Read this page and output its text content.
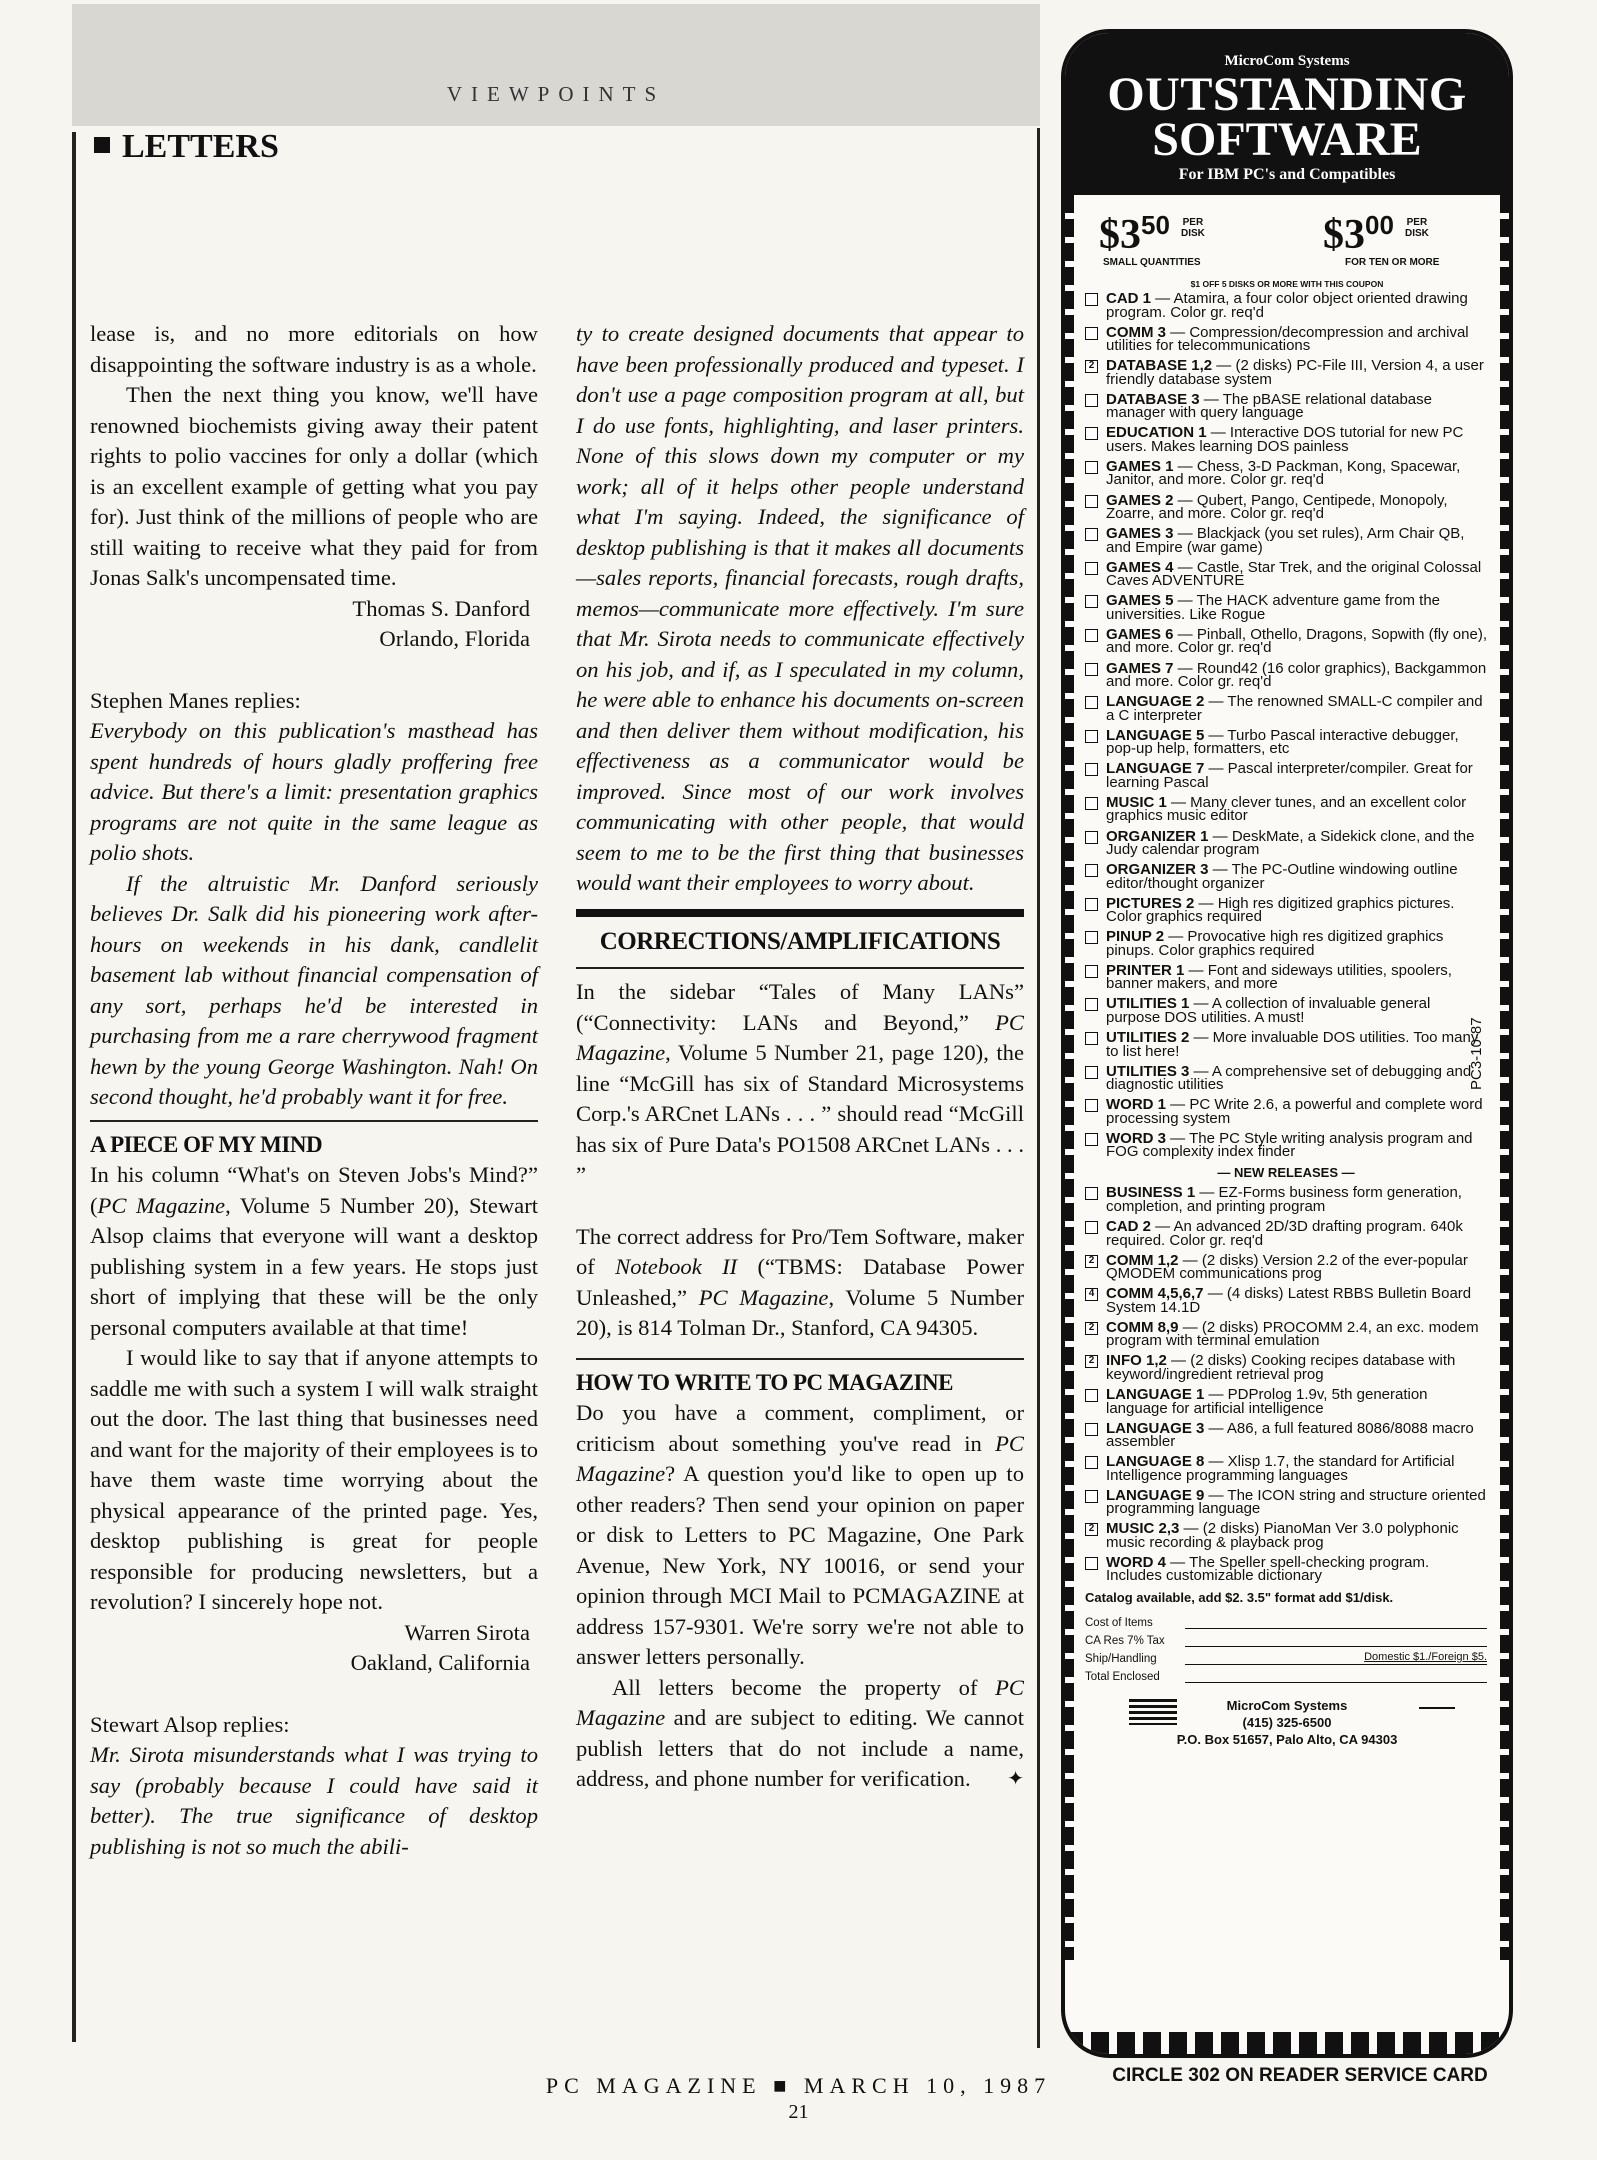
VIEWPOINTS
LETTERS

lease is, and no more editorials on how disappointing the software industry is as a whole.

Then the next thing you know, we'll have renowned biochemists giving away their patent rights to polio vaccines for only a dollar (which is an excellent example of getting what you pay for). Just think of the millions of people who are still waiting to receive what they paid for from Jonas Salk's uncompensated time.

Thomas S. Danford

Orlando, Florida

Stephen Manes replies:

Everybody on this publication's masthead has spent hundreds of hours gladly proffering free advice. But there's a limit: presentation graphics programs are not quite in the same league as polio shots.

If the altruistic Mr. Danford seriously believes Dr. Salk did his pioneering work after-hours on weekends in his dank, candlelit basement lab without financial compensation of any sort, perhaps he'd be interested in purchasing from me a rare cherrywood fragment hewn by the young George Washington. Nah! On second thought, he'd probably want it for free.

A PIECE OF MY MIND

In his column “What's on Steven Jobs's Mind?” (PC Magazine, Volume 5 Number 20), Stewart Alsop claims that everyone will want a desktop publishing system in a few years. He stops just short of implying that these will be the only personal computers available at that time!

I would like to say that if anyone attempts to saddle me with such a system I will walk straight out the door. The last thing that businesses need and want for the majority of their employees is to have them waste time worrying about the physical appearance of the printed page. Yes, desktop publishing is great for people responsible for producing newsletters, but a revolution? I sincerely hope not.

Warren Sirota

Oakland, California

Stewart Alsop replies:

Mr. Sirota misunderstands what I was trying to say (probably because I could have said it better). The true significance of desktop publishing is not so much the abili-

ty to create designed documents that appear to have been professionally produced and typeset. I don't use a page composition program at all, but I do use fonts, highlighting, and laser printers. None of this slows down my computer or my work; all of it helps other people understand what I'm saying. Indeed, the significance of desktop publishing is that it makes all documents—sales reports, financial forecasts, rough drafts, memos—communicate more effectively. I'm sure that Mr. Sirota needs to communicate effectively on his job, and if, as I speculated in my column, he were able to enhance his documents on-screen and then deliver them without modification, his effectiveness as a communicator would be improved. Since most of our work involves communicating with other people, that would seem to me to be the first thing that businesses would want their employees to worry about.

CORRECTIONS/AMPLIFICATIONS

In the sidebar “Tales of Many LANs” (“Connectivity: LANs and Beyond,” PC Magazine, Volume 5 Number 21, page 120), the line “McGill has six of Standard Microsystems Corp.'s ARCnet LANs . . . ” should read “McGill has six of Pure Data's PO1508 ARCnet LANs . . . ”

The correct address for Pro/Tem Software, maker of Notebook II (“TBMS: Database Power Unleashed,” PC Magazine, Volume 5 Number 20), is 814 Tolman Dr., Stanford, CA 94305.

HOW TO WRITE TO PC MAGAZINE

Do you have a comment, compliment, or criticism about something you've read in PC Magazine? A question you'd like to open up to other readers? Then send your opinion on paper or disk to Letters to PC Magazine, One Park Avenue, New York, NY 10016, or send your opinion through MCI Mail to PCMAGAZINE at address 157-9301. We're sorry we're not able to answer letters personally.

All letters become the property of PC Magazine and are subject to editing. We cannot publish letters that do not include a name, address, and phone number for verification.	✦

MicroCom Systems
OUTSTANDING
SOFTWARE
For IBM PC's and Compatibles
$350 PER DISK
SMALL QUANTITIES
$300 PER DISK
FOR TEN OR MORE
$1 OFF 5 DISKS OR MORE WITH THIS COUPON
CAD 1 — Atamira, a four color object oriented drawing program. Color gr. req'd
COMM 3 — Compression/decompression and archival utilities for telecommunications
2 DATABASE 1,2 — (2 disks) PC-File III, Version 4, a user friendly database system
DATABASE 3 — The pBASE relational database manager with query language
EDUCATION 1 — Interactive DOS tutorial for new PC users. Makes learning DOS painless
GAMES 1 — Chess, 3-D Packman, Kong, Spacewar, Janitor, and more. Color gr. req'd
GAMES 2 — Qubert, Pango, Centipede, Monopoly, Zoarre, and more. Color gr. req'd
GAMES 3 — Blackjack (you set rules), Arm Chair QB, and Empire (war game)
GAMES 4 — Castle, Star Trek, and the original Colossal Caves ADVENTURE
GAMES 5 — The HACK adventure game from the universities. Like Rogue
GAMES 6 — Pinball, Othello, Dragons, Sopwith (fly one), and more. Color gr. req'd
GAMES 7 — Round42 (16 color graphics), Backgammon and more. Color gr. req'd
LANGUAGE 2 — The renowned SMALL-C compiler and a C interpreter
LANGUAGE 5 — Turbo Pascal interactive debugger, pop-up help, formatters, etc
LANGUAGE 7 — Pascal interpreter/compiler. Great for learning Pascal
MUSIC 1 — Many clever tunes, and an excellent color graphics music editor
ORGANIZER 1 — DeskMate, a Sidekick clone, and the Judy calendar program
ORGANIZER 3 — The PC-Outline windowing outline editor/thought organizer
PICTURES 2 — High res digitized graphics pictures. Color graphics required
PINUP 2 — Provocative high res digitized graphics pinups. Color graphics required
PRINTER 1 — Font and sideways utilities, spoolers, banner makers, and more
UTILITIES 1 — A collection of invaluable general purpose DOS utilities. A must!
UTILITIES 2 — More invaluable DOS utilities. Too many to list here!
UTILITIES 3 — A comprehensive set of debugging and diagnostic utilities
WORD 1 — PC Write 2.6, a powerful and complete word processing system
WORD 3 — The PC Style writing analysis program and FOG complexity index finder
— NEW RELEASES —
BUSINESS 1 — EZ-Forms business form generation, completion, and printing program
CAD 2 — An advanced 2D/3D drafting program. 640k required. Color gr. req'd
2 COMM 1,2 — (2 disks) Version 2.2 of the ever-popular QMODEM communications prog
4 COMM 4,5,6,7 — (4 disks) Latest RBBS Bulletin Board System 14.1D
2 COMM 8,9 — (2 disks) PROCOMM 2.4, an exc. modem program with terminal emulation
2 INFO 1,2 — (2 disks) Cooking recipes database with keyword/ingredient retrieval prog
LANGUAGE 1 — PDProlog 1.9v, 5th generation language for artificial intelligence
LANGUAGE 3 — A86, a full featured 8086/8088 macro assembler
LANGUAGE 8 — Xlisp 1.7, the standard for Artificial Intelligence programming languages
LANGUAGE 9 — The ICON string and structure oriented programming language
2 MUSIC 2,3 — (2 disks) PianoMan Ver 3.0 polyphonic music recording & playback prog
WORD 4 — The Speller spell-checking program. Includes customizable dictionary
Catalog available, add $2. 3.5" format add $1/disk.
Cost of Items
CA Res 7% Tax
Ship/Handling	Domestic $1./Foreign $5.
Total Enclosed
MicroCom Systems
(415) 325-6500
P.O. Box 51657, Palo Alto, CA 94303
PC3-10-87
CIRCLE 302 ON READER SERVICE CARD
PC MAGAZINE ■ MARCH 10, 1987
21
